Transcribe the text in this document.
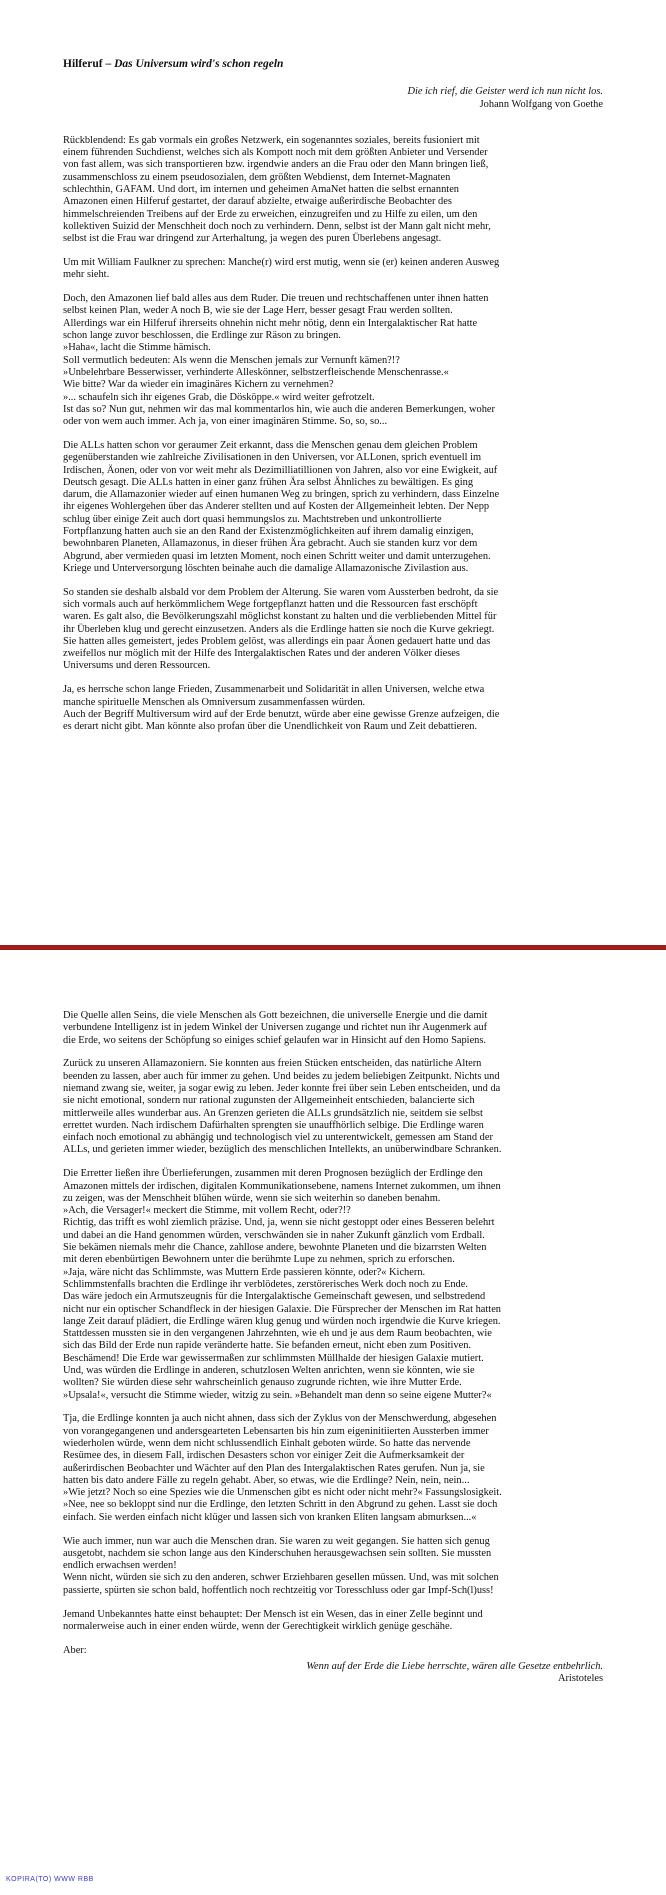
Hilferuf – Das Universum wird's schon regeln
Die ich rief, die Geister werd ich nun nicht los.
Johann Wolfgang von Goethe
Rückblendend: Es gab vormals ein großes Netzwerk, ein sogenanntes soziales, bereits fusioniert mit
einem führenden Suchdienst, welches sich als Kompott noch mit dem größten Anbieter und Versender
von fast allem, was sich transportieren bzw. irgendwie anders an die Frau oder den Mann bringen ließ,
zusammenschloss zu einem pseudosozialen, dem größten Webdienst, dem Internet-Magnaten
schlechthin, GAFAM. Und dort, im internen und geheimen AmaNet hatten die selbst ernannten
Amazonen einen Hilferuf gestartet, der darauf abzielte, etwaige außerirdische Beobachter des
himmelschreienden Treibens auf der Erde zu erweichen, einzugreifen und zu Hilfe zu eilen, um den
kollektiven Suizid der Menschheit doch noch zu verhindern. Denn, selbst ist der Mann galt nicht mehr,
selbst ist die Frau war dringend zur Arterhaltung, ja wegen des puren Überlebens angesagt.
Um mit William Faulkner zu sprechen: Manche(r) wird erst mutig, wenn sie (er) keinen anderen Ausweg
mehr sieht.
Doch, den Amazonen lief bald alles aus dem Ruder. Die treuen und rechtschaffenen unter ihnen hatten
selbst keinen Plan, weder A noch B, wie sie der Lage Herr, besser gesagt Frau werden sollten.
Allerdings war ein Hilferuf ihrerseits ohnehin nicht mehr nötig, denn ein Intergalaktischer Rat hatte
schon lange zuvor beschlossen, die Erdlinge zur Räson zu bringen.
»Haha«, lacht die Stimme hämisch.
Soll vermutlich bedeuten: Als wenn die Menschen jemals zur Vernunft kämen?!?
»Unbelehrbare Besserwisser, verhinderte Alleskönner, selbstzerfleischende Menschenrasse.«
Wie bitte? War da wieder ein imaginäres Kichern zu vernehmen?
»... schaufeln sich ihr eigenes Grab, die Dösköppe.« wird weiter gefrotzelt.
Ist das so? Nun gut, nehmen wir das mal kommentarlos hin, wie auch die anderen Bemerkungen, woher
oder von wem auch immer. Ach ja, von einer imaginären Stimme. So, so, so...
Die ALLs hatten schon vor geraumer Zeit erkannt, dass die Menschen genau dem gleichen Problem
gegenüberstanden wie zahlreiche Zivilisationen in den Universen, vor ALLonen, sprich eventuell im
Irdischen, Äonen, oder von vor weit mehr als Dezimilliatillionen von Jahren, also vor eine Ewigkeit, auf
Deutsch gesagt. Die ALLs hatten in einer ganz frühen Ära selbst Ähnliches zu bewältigen. Es ging
darum, die Allamazonier wieder auf einen humanen Weg zu bringen, sprich zu verhindern, dass Einzelne
ihr eigenes Wohlergehen über das Anderer stellten und auf Kosten der Allgemeinheit lebten. Der Nepp
schlug über einige Zeit auch dort quasi hemmungslos zu. Machtstreben und unkontrollierte
Fortpflanzung hatten auch sie an den Rand der Existenzmöglichkeiten auf ihrem damalig einzigen,
bewohnbaren Planeten, Allamazonus, in dieser frühen Ära gebracht. Auch sie standen kurz vor dem
Abgrund, aber vermieden quasi im letzten Moment, noch einen Schritt weiter und damit unterzugehen.
Kriege und Unterversorgung löschten beinahe auch die damalige Allamazonische Zivilastion aus.
So standen sie deshalb alsbald vor dem Problem der Alterung. Sie waren vom Aussterben bedroht, da sie
sich vormals auch auf herkömmlichem Wege fortgepflanzt hatten und die Ressourcen fast erschöpft
waren. Es galt also, die Bevölkerungszahl möglichst konstant zu halten und die verbliebenden Mittel für
ihr Überleben klug und gerecht einzusetzen. Anders als die Erdlinge hatten sie noch die Kurve gekriegt.
Sie hatten alles gemeistert, jedes Problem gelöst, was allerdings ein paar Äonen gedauert hatte und das
zweifellos nur möglich mit der Hilfe des Intergalaktischen Rates und der anderen Völker dieses
Universums und deren Ressourcen.
Ja, es herrsche schon lange Frieden, Zusammenarbeit und Solidarität in allen Universen, welche etwa
manche spirituelle Menschen als Omniversum zusammenfassen würden.
Auch der Begriff Multiversum wird auf der Erde benutzt, würde aber eine gewisse Grenze aufzeigen, die
es derart nicht gibt. Man könnte also profan über die Unendlichkeit von Raum und Zeit debattieren.
Die Quelle allen Seins, die viele Menschen als Gott bezeichnen, die universelle Energie und die damit
verbundene Intelligenz ist in jedem Winkel der Universen zugange und richtet nun ihr Augenmerk auf
die Erde, wo seitens der Schöpfung so einiges schief gelaufen war in Hinsicht auf den Homo Sapiens.
Zurück zu unseren Allamazoniern. Sie konnten aus freien Stücken entscheiden, das natürliche Altern
beenden zu lassen, aber auch für immer zu gehen. Und beides zu jedem beliebigen Zeitpunkt. Nichts und
niemand zwang sie, weiter, ja sogar ewig zu leben. Jeder konnte frei über sein Leben entscheiden, und da
sie nicht emotional, sondern nur rational zugunsten der Allgemeinheit entschieden, balancierte sich
mittlerweile alles wunderbar aus. An Grenzen gerieten die ALLs grundsätzlich nie, seitdem sie selbst
errettet wurden. Nach irdischem Dafürhalten sprengten sie unauffhörlich selbige. Die Erdlinge waren
einfach noch emotional zu abhängig und technologisch viel zu unterentwickelt, gemessen am Stand der
ALLs, und gerieten immer wieder, bezüglich des menschlichen Intellekts, an unüberwindbare Schranken.
Die Erretter ließen ihre Überlieferungen, zusammen mit deren Prognosen bezüglich der Erdlinge den
Amazonen mittels der irdischen, digitalen Kommunikationsebene, namens Internet zukommen, um ihnen
zu zeigen, was der Menschheit blühen würde, wenn sie sich weiterhin so daneben benahm.
»Ach, die Versager!« meckert die Stimme, mit vollem Recht, oder?!?
Richtig, das trifft es wohl ziemlich präzise. Und, ja, wenn sie nicht gestoppt oder eines Besseren belehrt
und dabei an die Hand genommen würden, verschwänden sie in naher Zukunft gänzlich vom Erdball.
Sie bekämen niemals mehr die Chance, zahllose andere, bewohnte Planeten und die bizarrsten Welten
mit deren ebenbürtigen Bewohnern unter die berühmte Lupe zu nehmen, sprich zu erforschen.
»Jaja, wäre nicht das Schlimmste, was Muttern Erde passieren könnte, oder?« Kichern.
Schlimmstenfalls brachten die Erdlinge ihr verblödetes, zerstörerisches Werk doch noch zu Ende.
Das wäre jedoch ein Armutszeugnis für die Intergalaktische Gemeinschaft gewesen, und selbstredend
nicht nur ein optischer Schandfleck in der hiesigen Galaxie. Die Fürsprecher der Menschen im Rat hatten
lange Zeit darauf plädiert, die Erdlinge wären klug genug und würden noch irgendwie die Kurve kriegen.
Stattdessen mussten sie in den vergangenen Jahrzehnten, wie eh und je aus dem Raum beobachten, wie
sich das Bild der Erde nun rapide veränderte hatte. Sie befanden erneut, nicht eben zum Positiven.
Beschämend! Die Erde war gewissermaßen zur schlimmsten Müllhalde der hiesigen Galaxie mutiert.
Und, was würden die Erdlinge in anderen, schutzlosen Welten anrichten, wenn sie könnten, wie sie
wollten? Sie würden diese sehr wahrscheinlich genauso zugrunde richten, wie ihre Mutter Erde.
»Upsala!«, versucht die Stimme wieder, witzig zu sein. »Behandelt man denn so seine eigene Mutter?«
Tja, die Erdlinge konnten ja auch nicht ahnen, dass sich der Zyklus von der Menschwerdung, abgesehen
von vorangegangenen und andersgearteten Lebensarten bis hin zum eigeninitiierten Aussterben immer
wiederholen würde, wenn dem nicht schlussendlich Einhalt geboten würde. So hatte das nervende
Resümee des, in diesem Fall, irdischen Desasters schon vor einiger Zeit die Aufmerksamkeit der
außerirdischen Beobachter und Wächter auf den Plan des Intergalaktischen Rates gerufen. Nun ja, sie
hatten bis dato andere Fälle zu regeln gehabt. Aber, so etwas, wie die Erdlinge? Nein, nein, nein...
»Wie jetzt? Noch so eine Spezies wie die Unmenschen gibt es nicht oder nicht mehr?« Fassungslosigkeit.
»Nee, nee so bekloppt sind nur die Erdlinge, den letzten Schritt in den Abgrund zu gehen. Lasst sie doch
einfach. Sie werden einfach nicht klüger und lassen sich von kranken Eliten langsam abmurksen...«
Wie auch immer, nun war auch die Menschen dran. Sie waren zu weit gegangen. Sie hatten sich genug
ausgetobt, nachdem sie schon lange aus den Kinderschuhen herausgewachsen sein sollten. Sie mussten
endlich erwachsen werden!
Wenn nicht, würden sie sich zu den anderen, schwer Erziehbaren gesellen müssen. Und, was mit solchen
passierte, spürten sie schon bald, hoffentlich noch rechtzeitig vor Toresschluss oder gar Impf-Sch(l)uss!
Jemand Unbekanntes hatte einst behauptet: Der Mensch ist ein Wesen, das in einer Zelle beginnt und
normalerweise auch in einer enden würde, wenn der Gerechtigkeit wirklich genüge geschähe.
Aber:
Wenn auf der Erde die Liebe herrschte, wären alle Gesetze entbehrlich.
Aristoteles
KOPIRA(TO) WWW RBB
